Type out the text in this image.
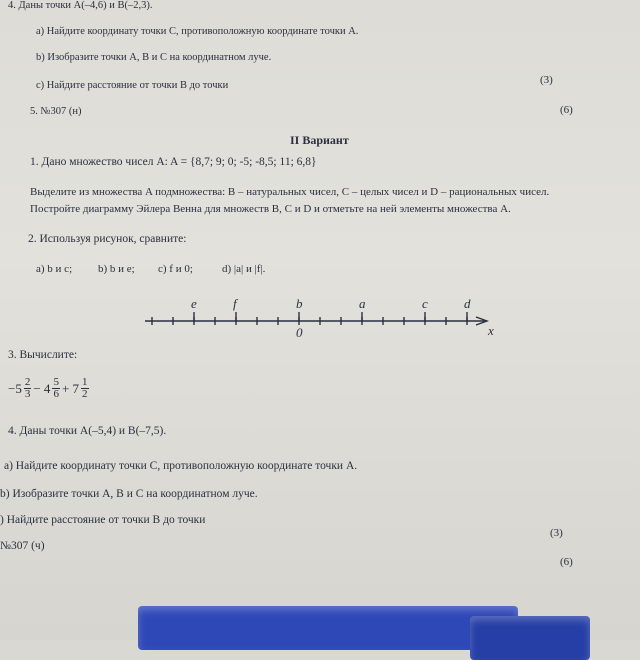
4. Даны точки A(–4,6) и B(–2,3).
a) Найдите координату точки C, противоположную координате точки A.
b) Изобразите точки A, B и C на координатном луче.
c) Найдите расстояние от точки B до точки	(3)
5. №307 (н)	(6)
II Вариант
1. Дано множество чисел A: A = {8,7; 9; 0; -5; -8,5; 11; 6,8}
Выделите из множества A подмножества: B – натуральных чисел, C – целых чисел и D – рациональных чисел.
Постройте диаграмму Эйлера Венна для множеств B, C и D и отметьте на ней элементы множества A.
2. Используя рисунок, сравните:
a) b и c; b) b и e; c) f и 0;	d) |a| и |f|.
e	f	b	a	c	d
0	x
3. Вычислите:
$-5 \frac{2}{3} - 4 \frac{5}{6} + 7 \frac{1}{2}$
4. Даны точки A(–5,4) и B(–7,5).
a) Найдите координату точки C, противоположную координате точки A.
b) Изобразите точки A, B и C на координатном луче.
) Найдите расстояние от точки B до точки
(3)
№307 (ч)
(6)
